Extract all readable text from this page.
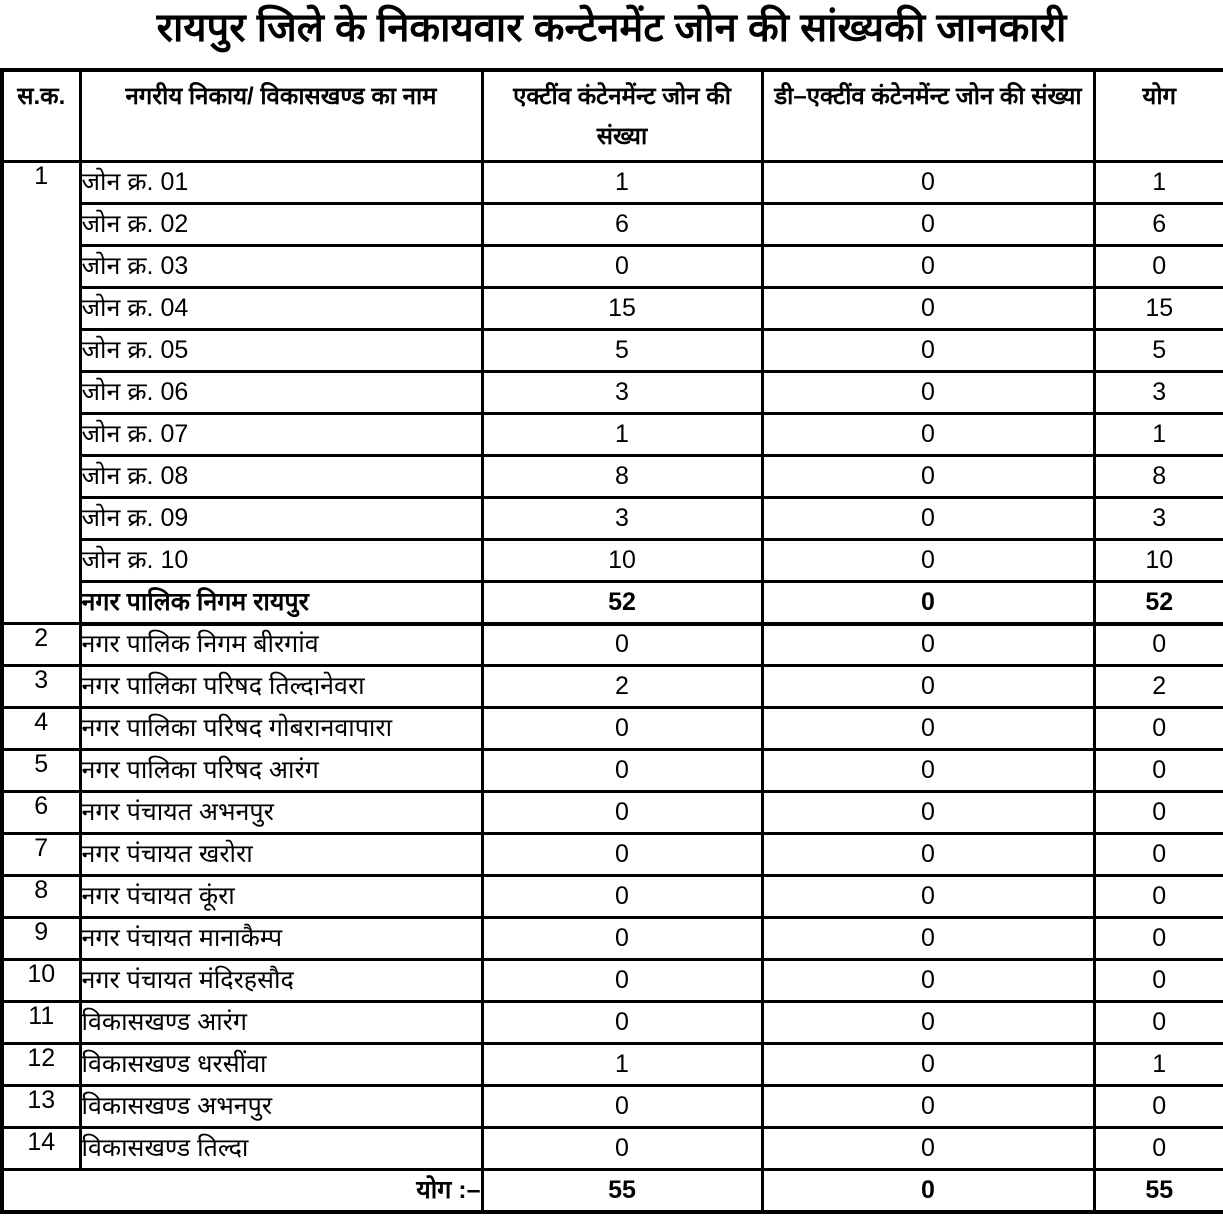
रायपुर जिले के निकायवार कन्टेनमेंट जोन की सांख्यकी जानकारी
स.क.	नगरीय निकाय/ विकासखण्ड का नाम	एक्टींव कंटेनमेंन्ट जोन की संख्या	डी–एक्टींव कंटेनमेंन्ट जोन की संख्या	योग
1	जोन क्र. 01	1	0	1
	जोन क्र. 02	6	0	6
	जोन क्र. 03	0	0	0
	जोन क्र. 04	15	0	15
	जोन क्र. 05	5	0	5
	जोन क्र. 06	3	0	3
	जोन क्र. 07	1	0	1
	जोन क्र. 08	8	0	8
	जोन क्र. 09	3	0	3
	जोन क्र. 10	10	0	10
	नगर पालिक निगम रायपुर	52	0	52
2	नगर पालिक निगम बीरगांव	0	0	0
3	नगर पालिका परिषद तिल्दानेवरा	2	0	2
4	नगर पालिका परिषद गोबरानवापारा	0	0	0
5	नगर पालिका परिषद आरंग	0	0	0
6	नगर पंचायत अभनपुर	0	0	0
7	नगर पंचायत खरोरा	0	0	0
8	नगर पंचायत कूंरा	0	0	0
9	नगर पंचायत मानाकैम्प	0	0	0
10	नगर पंचायत मंदिरहसौद	0	0	0
11	विकासखण्ड आरंग	0	0	0
12	विकासखण्ड धरसींवा	1	0	1
13	विकासखण्ड अभनपुर	0	0	0
14	विकासखण्ड तिल्दा	0	0	0
योग :–		55	0	55
